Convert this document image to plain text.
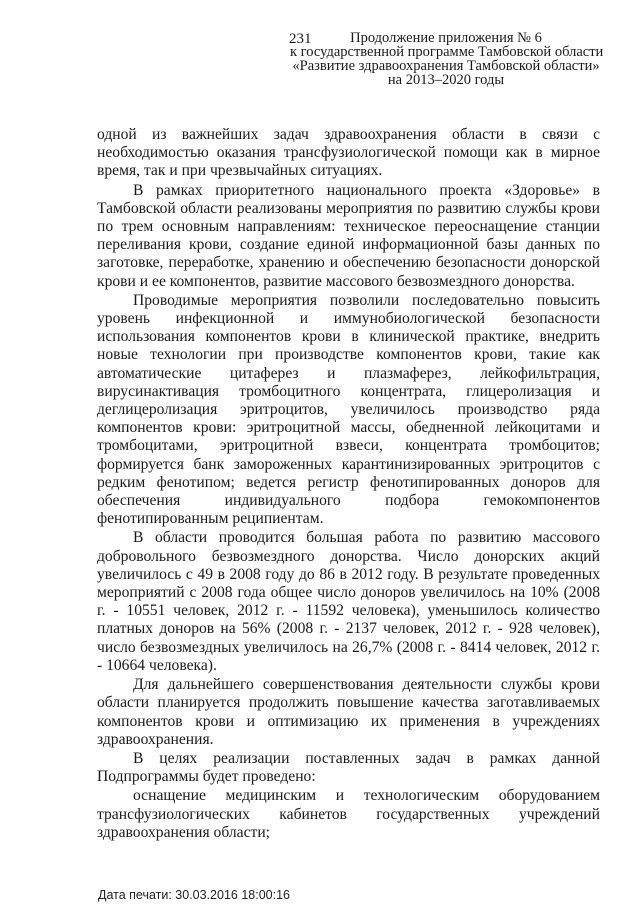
231	Продолжение приложения № 6
к государственной программе Тамбовской области
«Развитие здравоохранения Тамбовской области»
на 2013–2020 годы

одной из важнейших задач здравоохранения области в связи с необходимостью оказания трансфузиологической помощи как в мирное время, так и при чрезвычайных ситуациях.

В рамках приоритетного национального проекта «Здоровье» в Тамбовской области реализованы мероприятия по развитию службы крови по трем основным направлениям: техническое переоснащение станции переливания крови, создание единой информационной базы данных по заготовке, переработке, хранению и обеспечению безопасности донорской крови и ее компонентов, развитие массового безвозмездного донорства.

Проводимые мероприятия позволили последовательно повысить уровень инфекционной и иммунобиологической безопасности использования компонентов крови в клинической практике, внедрить новые технологии при производстве компонентов крови, такие как автоматические цитаферез и плазмаферез, лейкофильтрация, вирусинактивация тромбоцитного концентрата, глицеролизация и деглицеролизация эритроцитов, увеличилось производство ряда компонентов крови: эритроцитной массы, обедненной лейкоцитами и тромбоцитами, эритроцитной взвеси, концентрата тромбоцитов; формируется банк замороженных карантинизированных эритроцитов с редким фенотипом; ведется регистр фенотипированных доноров для обеспечения индивидуального подбора гемокомпонентов фенотипированным реципиентам.

В области проводится большая работа по развитию массового добровольного безвозмездного донорства. Число донорских акций увеличилось с 49 в 2008 году до 86 в 2012 году. В результате проведенных мероприятий с 2008 года общее число доноров увеличилось на 10% (2008 г. - 10551 человек, 2012 г. - 11592 человека), уменьшилось количество платных доноров на 56% (2008 г. - 2137 человек, 2012 г. - 928 человек), число безвозмездных увеличилось на 26,7% (2008 г. - 8414 человек, 2012 г. - 10664 человека).

Для дальнейшего совершенствования деятельности службы крови области планируется продолжить повышение качества заготавливаемых компонентов крови и оптимизацию их применения в учреждениях здравоохранения.

В целях реализации поставленных задач в рамках данной Подпрограммы будет проведено:

оснащение медицинским и технологическим оборудованием трансфузиологических кабинетов государственных учреждений здравоохранения области;

Дата печати: 30.03.2016 18:00:16
